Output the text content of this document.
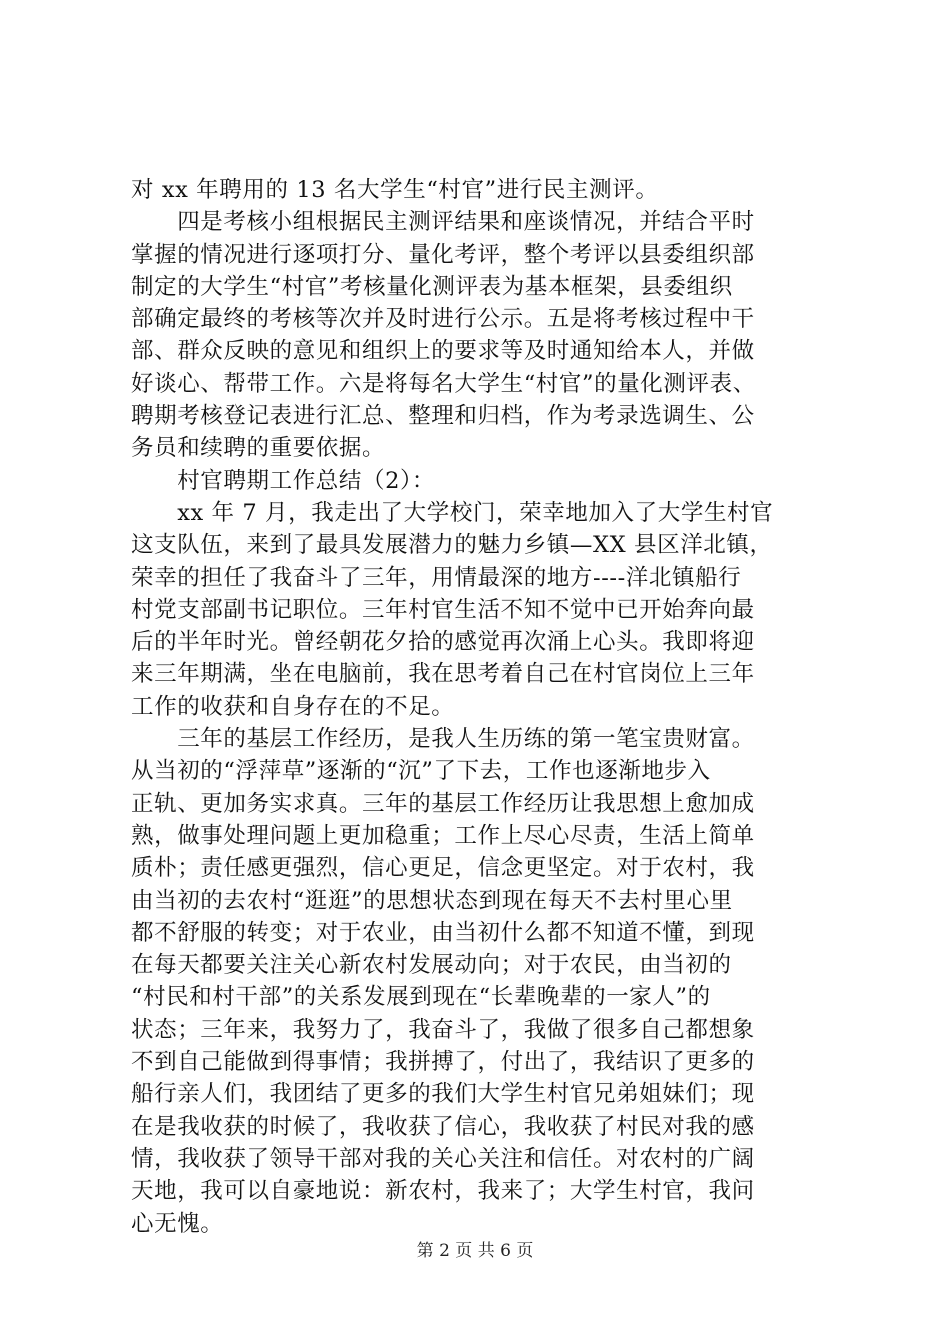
对 xx 年聘用的 13 名大学生“村官”进行民主测评。
　　四是考核小组根据民主测评结果和座谈情况，并结合平时
掌握的情况进行逐项打分、量化考评，整个考评以县委组织部
制定的大学生“村官”考核量化测评表为基本框架，县委组织
部确定最终的考核等次并及时进行公示。五是将考核过程中干
部、群众反映的意见和组织上的要求等及时通知给本人，并做
好谈心、帮带工作。六是将每名大学生“村官”的量化测评表、
聘期考核登记表进行汇总、整理和归档，作为考录选调生、公
务员和续聘的重要依据。
　　村官聘期工作总结（2）：
　　xx 年 7 月，我走出了大学校门，荣幸地加入了大学生村官
这支队伍，来到了最具发展潜力的魅力乡镇—XX 县区洋北镇，
荣幸的担任了我奋斗了三年，用情最深的地方----洋北镇船行
村党支部副书记职位。三年村官生活不知不觉中已开始奔向最
后的半年时光。曾经朝花夕拾的感觉再次涌上心头。我即将迎
来三年期满，坐在电脑前，我在思考着自己在村官岗位上三年
工作的收获和自身存在的不足。
　　三年的基层工作经历，是我人生历练的第一笔宝贵财富。
从当初的“浮萍草”逐渐的“沉”了下去，工作也逐渐地步入
正轨、更加务实求真。三年的基层工作经历让我思想上愈加成
熟，做事处理问题上更加稳重；工作上尽心尽责，生活上简单
质朴；责任感更强烈，信心更足，信念更坚定。对于农村，我
由当初的去农村“逛逛”的思想状态到现在每天不去村里心里
都不舒服的转变；对于农业，由当初什么都不知道不懂，到现
在每天都要关注关心新农村发展动向；对于农民，由当初的
“村民和村干部”的关系发展到现在“长辈晚辈的一家人”的
状态；三年来，我努力了，我奋斗了，我做了很多自己都想象
不到自己能做到得事情；我拼搏了，付出了，我结识了更多的
船行亲人们，我团结了更多的我们大学生村官兄弟姐妹们；现
在是我收获的时候了，我收获了信心，我收获了村民对我的感
情，我收获了领导干部对我的关心关注和信任。对农村的广阔
天地，我可以自豪地说：新农村，我来了；大学生村官，我问
心无愧。
第 2 页 共 6 页
